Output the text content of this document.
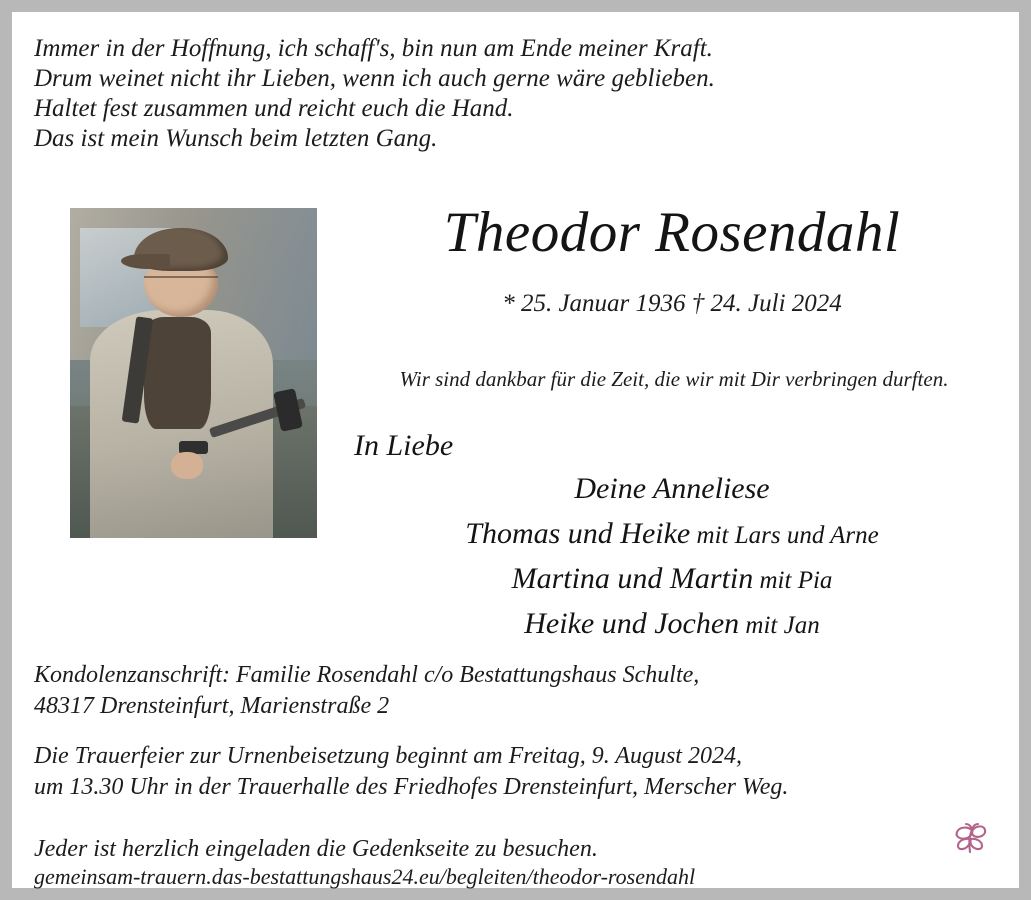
Immer in der Hoffnung, ich schaff's, bin nun am Ende meiner Kraft.
Drum weinet nicht ihr Lieben, wenn ich auch gerne wäre geblieben.
Haltet fest zusammen und reicht euch die Hand.
Das ist mein Wunsch beim letzten Gang.
Theodor Rosendahl
* 25. Januar 1936 † 24. Juli 2024
Wir sind dankbar für die Zeit, die wir mit Dir verbringen durften.
In Liebe
Deine Anneliese
Thomas und Heike mit Lars und Arne
Martina und Martin mit Pia
Heike und Jochen mit Jan
Kondolenzanschrift: Familie Rosendahl c/o Bestattungshaus Schulte,
48317 Drensteinfurt, Marienstraße 2
Die Trauerfeier zur Urnenbeisetzung beginnt am Freitag, 9. August 2024,
um 13.30 Uhr in der Trauerhalle des Friedhofes Drensteinfurt, Merscher Weg.
Jeder ist herzlich eingeladen die Gedenkseite zu besuchen.
gemeinsam-trauern.das-bestattungshaus24.eu/begleiten/theodor-rosendahl
